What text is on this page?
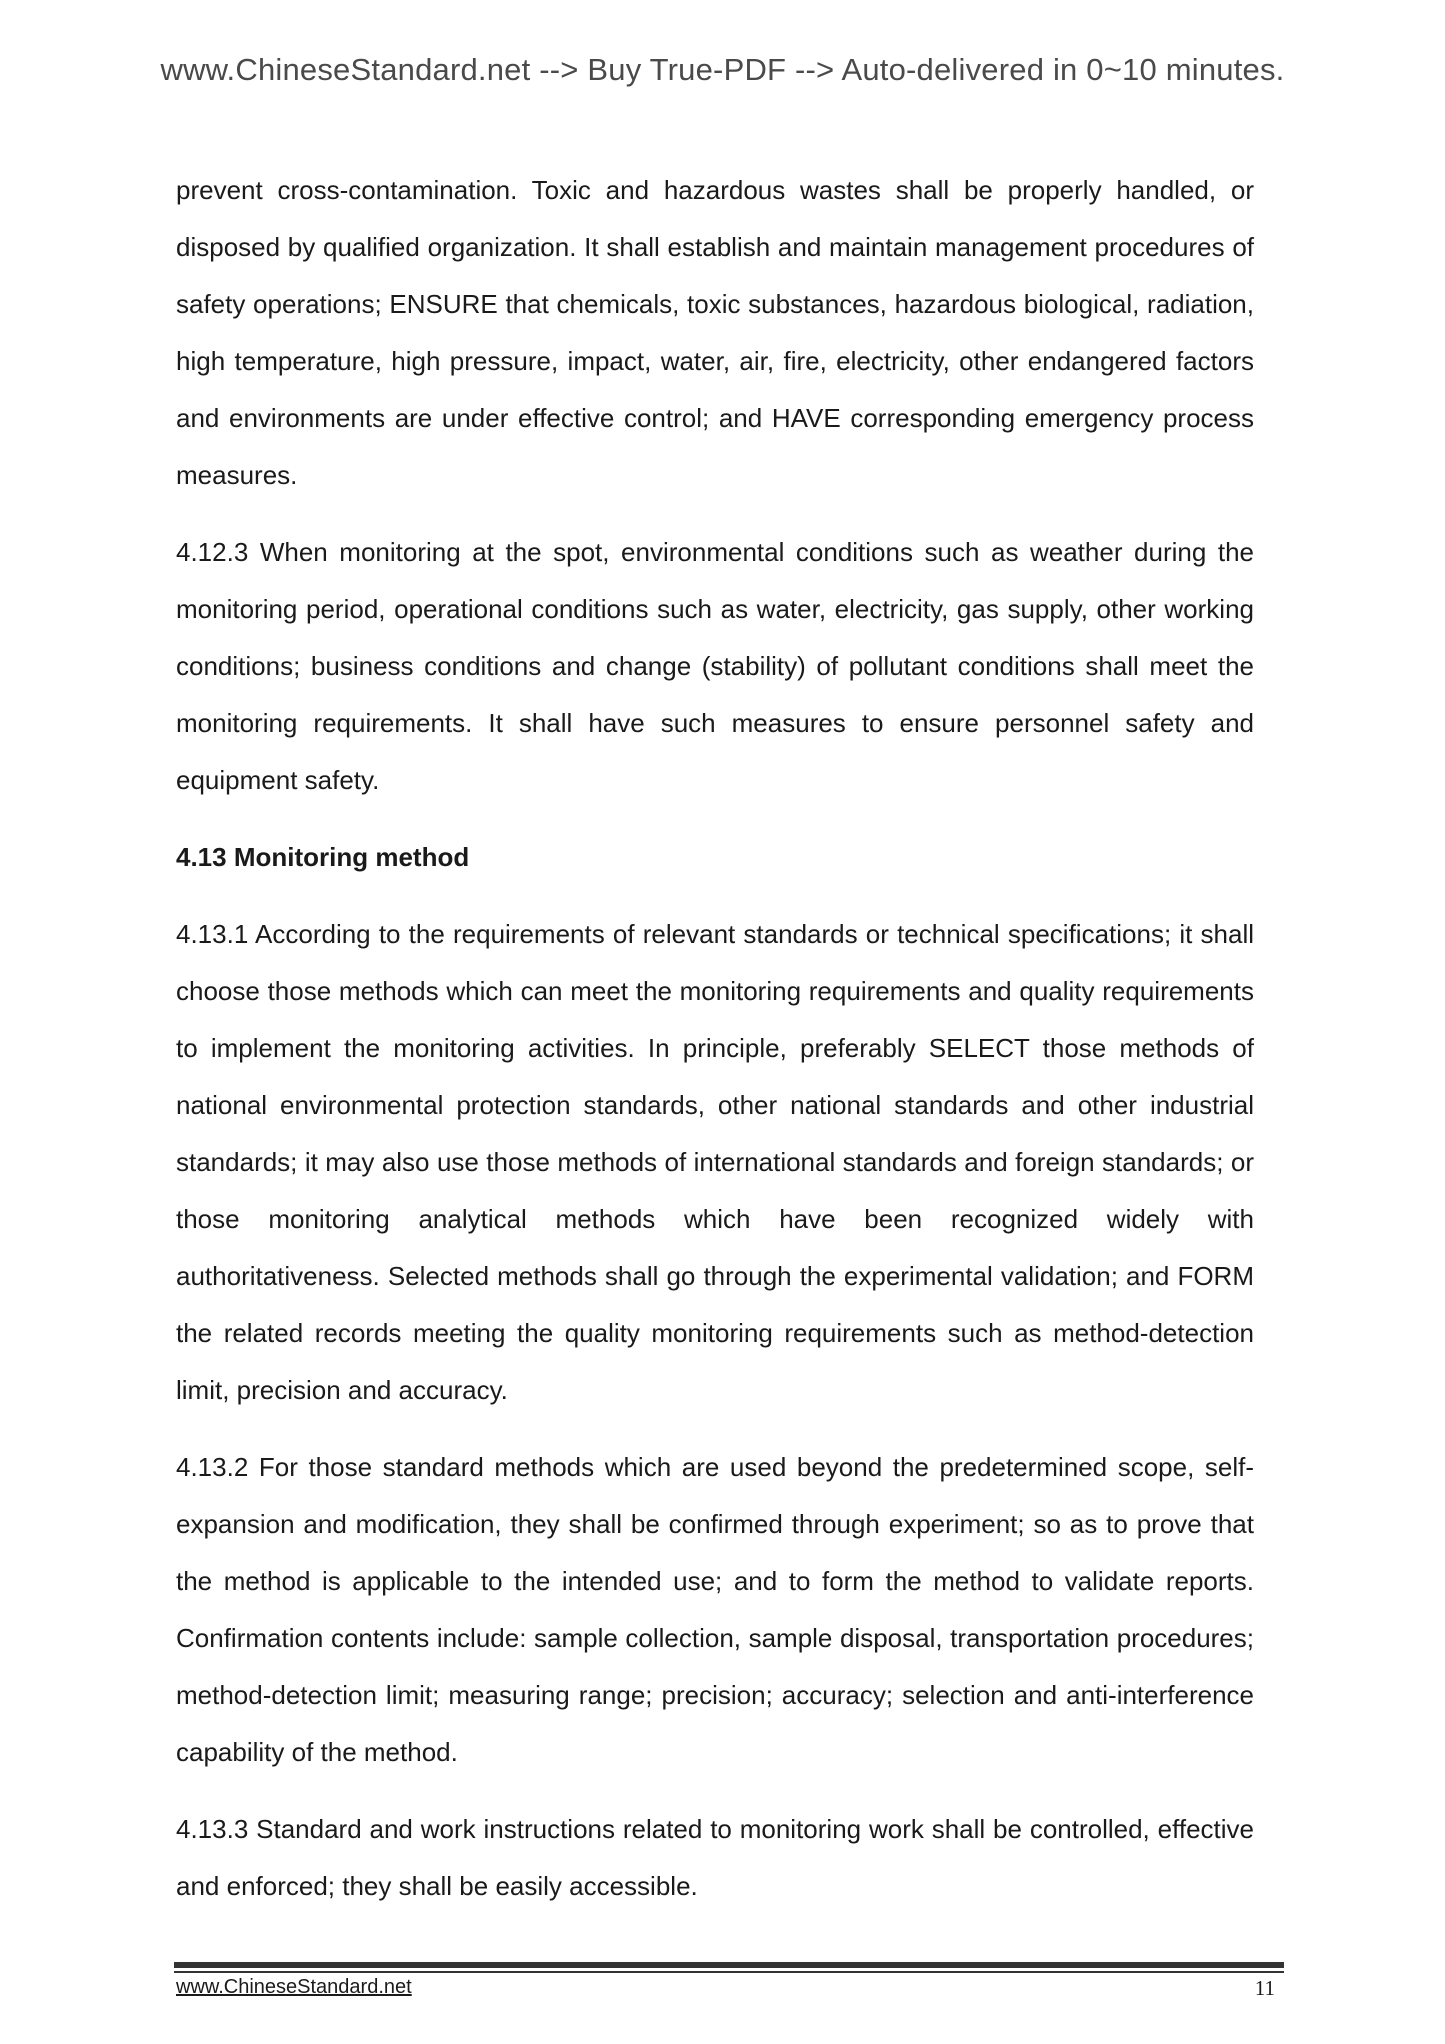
www.ChineseStandard.net --> Buy True-PDF --> Auto-delivered in 0~10 minutes.

prevent cross-contamination. Toxic and hazardous wastes shall be properly handled, or disposed by qualified organization. It shall establish and maintain management procedures of safety operations; ENSURE that chemicals, toxic substances, hazardous biological, radiation, high temperature, high pressure, impact, water, air, fire, electricity, other endangered factors and environments are under effective control; and HAVE corresponding emergency process measures.

4.12.3 When monitoring at the spot, environmental conditions such as weather during the monitoring period, operational conditions such as water, electricity, gas supply, other working conditions; business conditions and change (stability) of pollutant conditions shall meet the monitoring requirements. It shall have such measures to ensure personnel safety and equipment safety.

4.13 Monitoring method

4.13.1 According to the requirements of relevant standards or technical specifications; it shall choose those methods which can meet the monitoring requirements and quality requirements to implement the monitoring activities. In principle, preferably SELECT those methods of national environmental protection standards, other national standards and other industrial standards; it may also use those methods of international standards and foreign standards; or those monitoring analytical methods which have been recognized widely with authoritativeness. Selected methods shall go through the experimental validation; and FORM the related records meeting the quality monitoring requirements such as method-detection limit, precision and accuracy.

4.13.2 For those standard methods which are used beyond the predetermined scope, self-expansion and modification, they shall be confirmed through experiment; so as to prove that the method is applicable to the intended use; and to form the method to validate reports. Confirmation contents include: sample collection, sample disposal, transportation procedures; method-detection limit; measuring range; precision; accuracy; selection and anti-interference capability of the method.

4.13.3 Standard and work instructions related to monitoring work shall be controlled, effective and enforced; they shall be easily accessible.

www.ChineseStandard.net	11
